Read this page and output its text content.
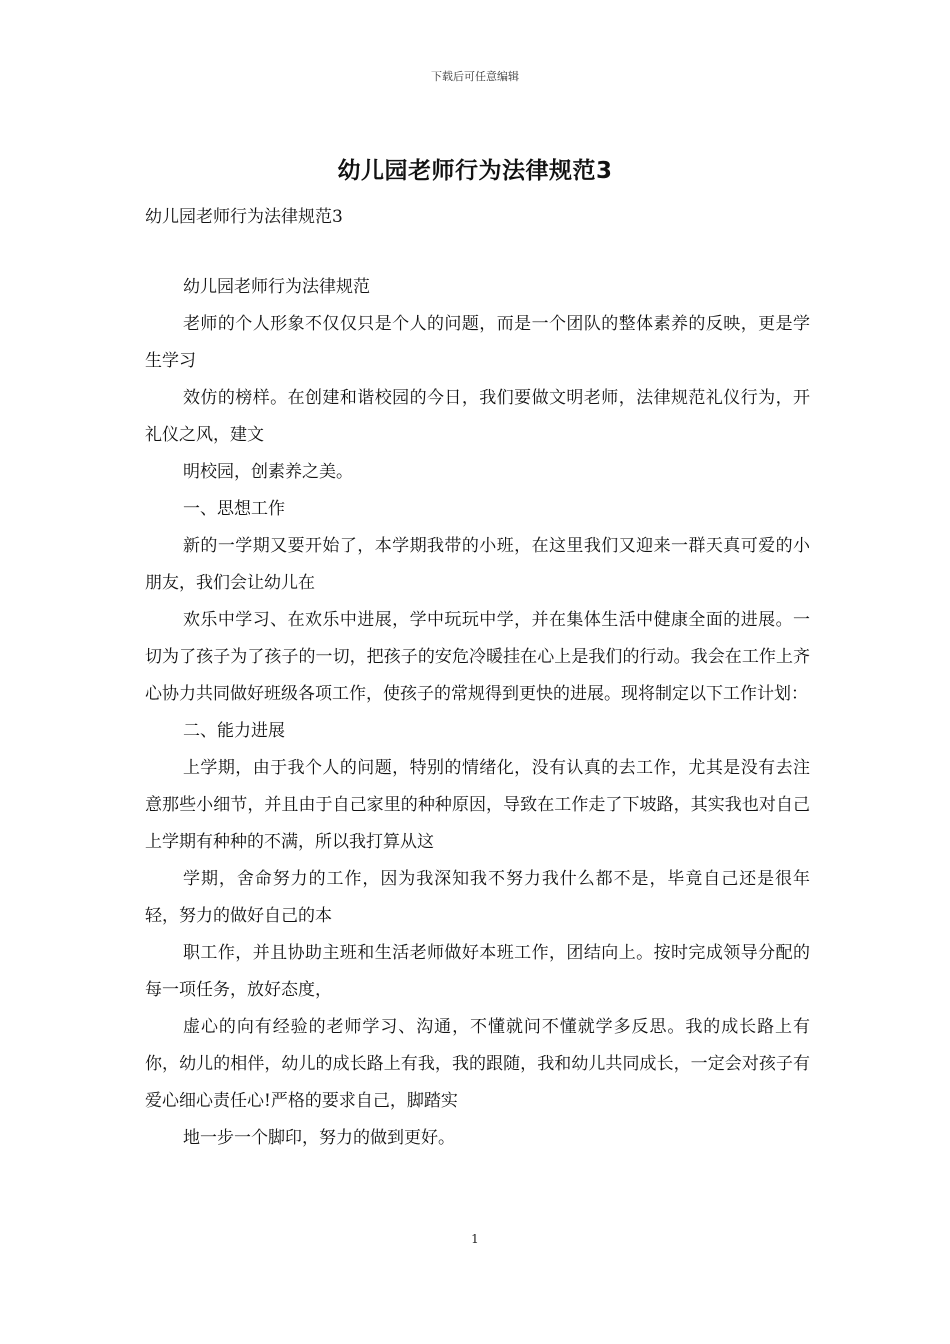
下载后可任意编辑
幼儿园老师行为法律规范3
幼儿园老师行为法律规范3

幼儿园老师行为法律规范

老师的个人形象不仅仅只是个人的问题，而是一个团队的整体素养的反映，更是学生学习

效仿的榜样。在创建和谐校园的今日，我们要做文明老师，法律规范礼仪行为，开礼仪之风，建文

明校园，创素养之美。

一、思想工作

新的一学期又要开始了，本学期我带的小班，在这里我们又迎来一群天真可爱的小朋友，我们会让幼儿在

欢乐中学习、在欢乐中进展，学中玩玩中学，并在集体生活中健康全面的进展。一切为了孩子为了孩子的一切，把孩子的安危冷暖挂在心上是我们的行动。我会在工作上齐心协力共同做好班级各项工作，使孩子的常规得到更快的进展。现将制定以下工作计划：

二、能力进展

上学期，由于我个人的问题，特别的情绪化，没有认真的去工作，尤其是没有去注意那些小细节，并且由于自己家里的种种原因，导致在工作走了下坡路，其实我也对自己上学期有种种的不满，所以我打算从这

学期，舍命努力的工作，因为我深知我不努力我什么都不是，毕竟自己还是很年轻，努力的做好自己的本

职工作，并且协助主班和生活老师做好本班工作，团结向上。按时完成领导分配的每一项任务，放好态度，

虚心的向有经验的老师学习、沟通，不懂就问不懂就学多反思。我的成长路上有你，幼儿的相伴，幼儿的成长路上有我，我的跟随，我和幼儿共同成长，一定会对孩子有爱心细心责任心!严格的要求自己，脚踏实

地一步一个脚印，努力的做到更好。

1
